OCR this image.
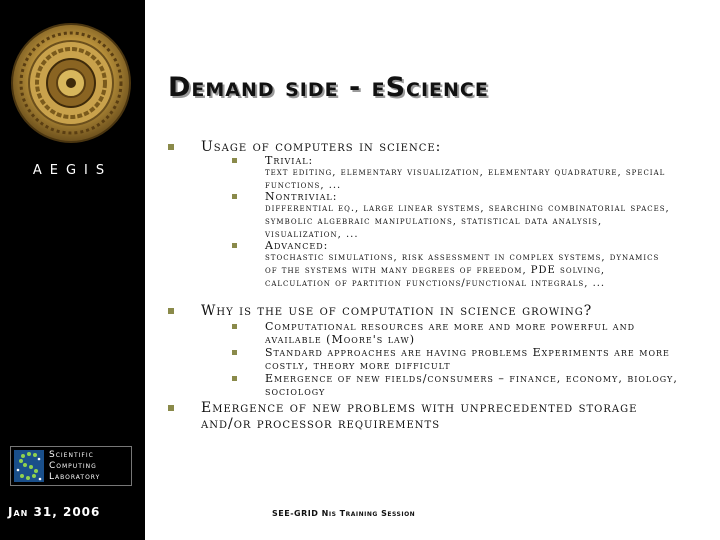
AEGIS
Scientific
Computing
Laboratory
Jan 31, 2006
Demand side - eScience
Usage of computers in science:
Trivial:
text editing, elementary visualization, elementary quadrature, special functions, ...
Nontrivial:
differential eq., large linear systems, searching combinatorial spaces, symbolic algebraic manipulations, statistical data analysis, visualization, ...
Advanced:
stochastic simulations, risk assessment in complex systems, dynamics of the systems with many degrees of freedom, PDE solving, calculation of partition functions/functional integrals, ...
Why is the use of computation in science growing?
Computational resources are more and more powerful and available (Moore's law)
Standard approaches are having problems Experiments are more costly, theory more difficult
Emergence of new fields/consumers – finance, economy, biology, sociology
Emergence of new problems with unprecedented storage and/or processor requirements
SEE-GRID Nis Training Session
